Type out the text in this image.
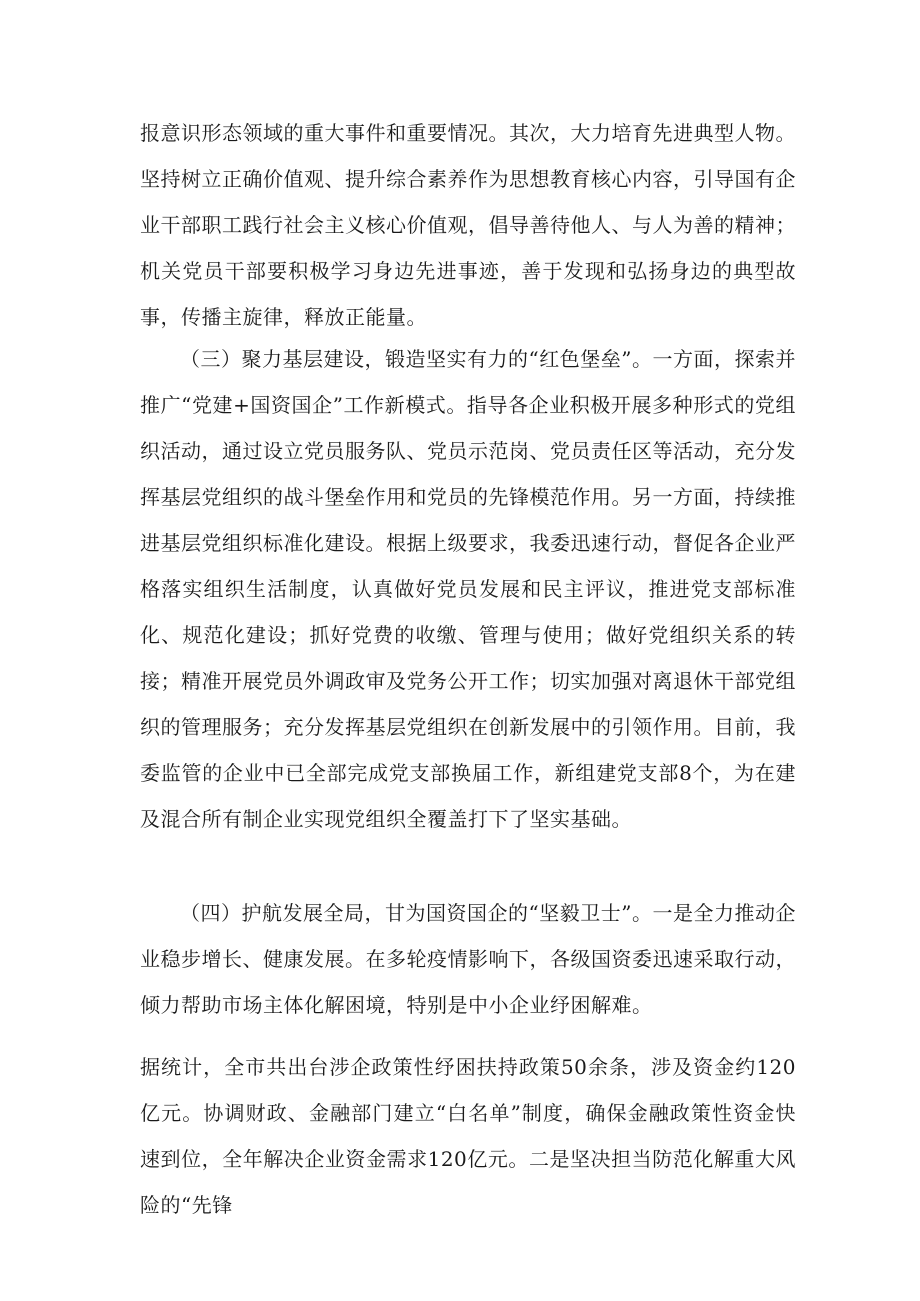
报意识形态领域的重大事件和重要情况。其次，大力培育先进典型人物。坚持树立正确价值观、提升综合素养作为思想教育核心内容，引导国有企业干部职工践行社会主义核心价值观，倡导善待他人、与人为善的精神；机关党员干部要积极学习身边先进事迹，善于发现和弘扬身边的典型故事，传播主旋律，释放正能量。

（三）聚力基层建设，锻造坚实有力的“红色堡垒”。一方面，探索并推广“党建+国资国企”工作新模式。指导各企业积极开展多种形式的党组织活动，通过设立党员服务队、党员示范岗、党员责任区等活动，充分发挥基层党组织的战斗堡垒作用和党员的先锋模范作用。另一方面，持续推进基层党组织标准化建设。根据上级要求，我委迅速行动，督促各企业严格落实组织生活制度，认真做好党员发展和民主评议，推进党支部标准化、规范化建设；抓好党费的收缴、管理与使用；做好党组织关系的转接；精准开展党员外调政审及党务公开工作；切实加强对离退休干部党组织的管理服务；充分发挥基层党组织在创新发展中的引领作用。目前，我委监管的企业中已全部完成党支部换届工作，新组建党支部8个，为在建及混合所有制企业实现党组织全覆盖打下了坚实基础。

（四）护航发展全局，甘为国资国企的“坚毅卫士”。一是全力推动企业稳步增长、健康发展。在多轮疫情影响下，各级国资委迅速采取行动，倾力帮助市场主体化解困境，特别是中小企业纾困解难。

据统计，全市共出台涉企政策性纾困扶持政策50余条，涉及资金约120亿元。协调财政、金融部门建立“白名单”制度，确保金融政策性资金快速到位，全年解决企业资金需求120亿元。二是坚决担当防范化解重大风险的“先锋
